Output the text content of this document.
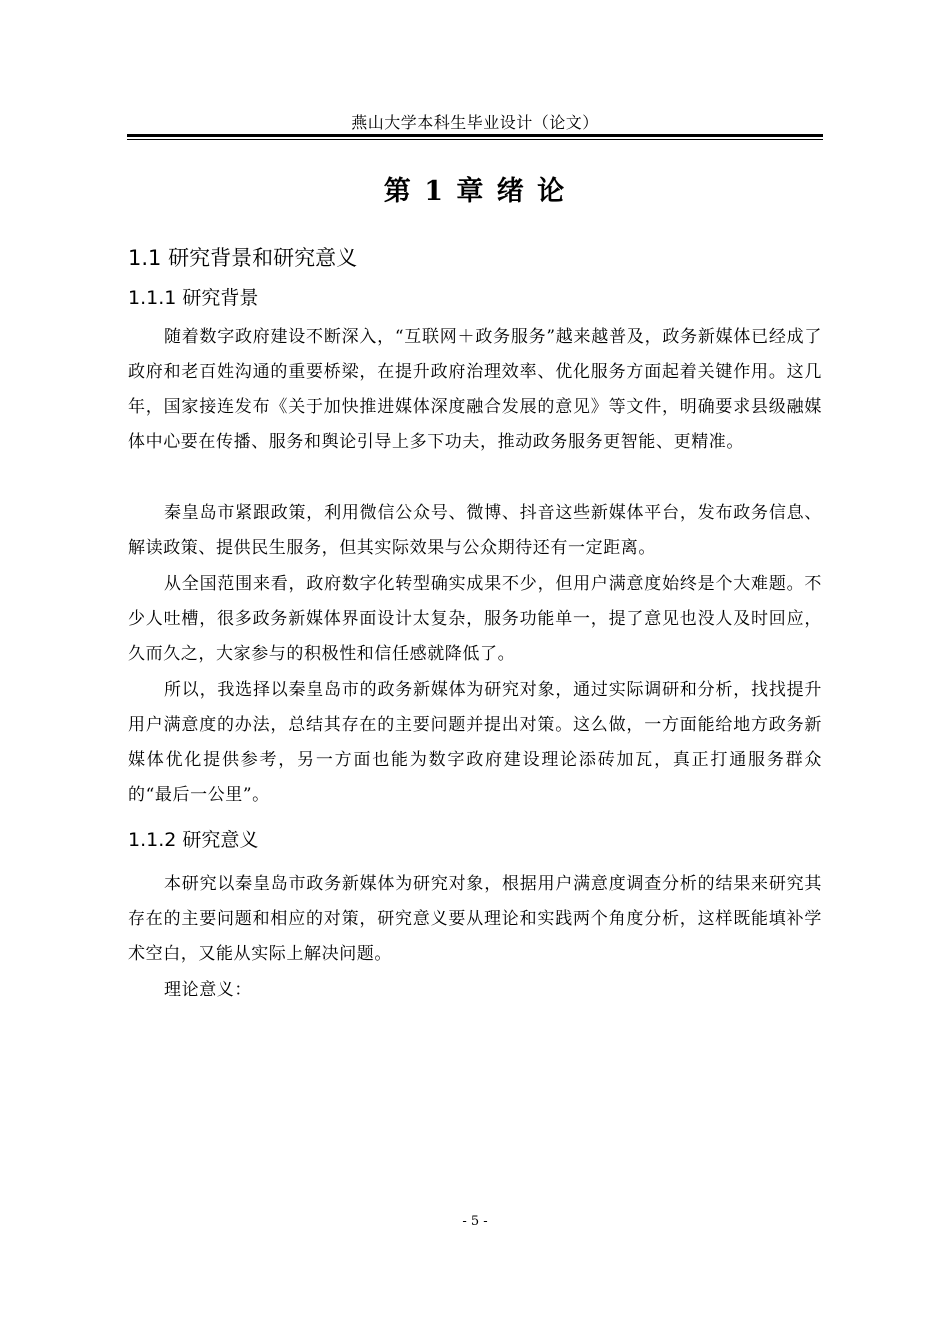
燕山大学本科生毕业设计（论文）
第 1 章 绪 论
1.1 研究背景和研究意义
1.1.1 研究背景

随着数字政府建设不断深入，“互联网＋政务服务”越来越普及，政务新媒体已经成了政府和老百姓沟通的重要桥梁，在提升政府治理效率、优化服务方面起着关键作用。这几年，国家接连发布《关于加快推进媒体深度融合发展的意见》等文件，明确要求县级融媒体中心要在传播、服务和舆论引导上多下功夫，推动政务服务更智能、更精准。

秦皇岛市紧跟政策，利用微信公众号、微博、抖音这些新媒体平台，发布政务信息、解读政策、提供民生服务，但其实际效果与公众期待还有一定距离。

从全国范围来看，政府数字化转型确实成果不少，但用户满意度始终是个大难题。不少人吐槽，很多政务新媒体界面设计太复杂，服务功能单一，提了意见也没人及时回应，久而久之，大家参与的积极性和信任感就降低了。

所以，我选择以秦皇岛市的政务新媒体为研究对象，通过实际调研和分析，找找提升用户满意度的办法，总结其存在的主要问题并提出对策。这么做，一方面能给地方政务新媒体优化提供参考，另一方面也能为数字政府建设理论添砖加瓦，真正打通服务群众的“最后一公里”。

1.1.2 研究意义

本研究以秦皇岛市政务新媒体为研究对象，根据用户满意度调查分析的结果来研究其存在的主要问题和相应的对策，研究意义要从理论和实践两个角度分析，这样既能填补学术空白，又能从实际上解决问题。

理论意义：

- 5 -
